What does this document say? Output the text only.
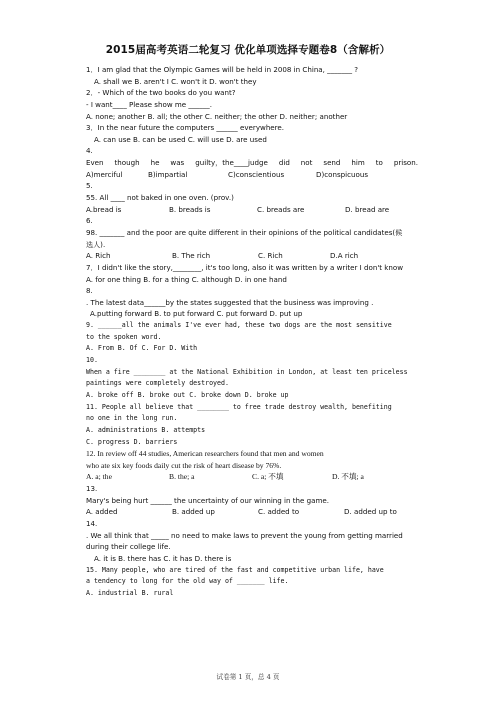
2015届高考英语二轮复习 优化单项选择专题卷8（含解析）
1．I am glad that the Olympic Games will be held in 2008 in China, _______ ?
A. shall we B. aren't I C. won't it D. won't they
2．- Which of the two books do you want?
- I want____ Please show me ______.
A. none; another B. all; the other C. neither; the other D. neither; another
3．In the near future the computers ______ everywhere.
A. can use B. can be used C. will use D. are used
4.
Even though he was guilty，the____judge did not send him to prison.
A)merciful	B)impartial	C)conscientious	D)conspicuous
5.
55. All ____ not baked in one oven. (prov.)
A.bread is	B. breads is	C. breads are	D. bread are
6.
98. _______ and the poor are quite different in their opinions of the political candidates(候
选人).
A. Rich	B. The rich	C. Rich	D.A rich
7．I didn't like the story,________, it's too long, also it was written by a writer I don't know
A. for one thing B. for a thing C. although D. in one hand
8.
. The latest data______by the states suggested that the business was improving .
A.putting forward B. to put forward C. put forward D. put up
9. ______all the animals I've ever had, these two dogs are the most sensitive
to the spoken word.
A. From B. Of C. For D. With
10.
When a fire ________ at the National Exhibition in London, at least ten priceless
paintings were completely destroyed.
A. broke off B. broke out C. broke down D. broke up
11. People all believe that ________ to free trade destroy wealth, benefiting
no one in the long run.
A. administrations B. attempts
C. progress D. barriers
12. In review off 44 studies, American researchers found that men and women
who ate six key foods daily cut the risk of heart disease by 76%.
A. a; the	B. the; a	C. a; 不填	D. 不填; a
13.
Mary's being hurt ______ the uncertainty of our winning in the game.
A. added	B. added up	C. added to	D. added up to
14.
. We all think that _____ no need to make laws to prevent the young from getting married
during their college life.
A. it is B. there has C. it has D. there is
15. Many people, who are tired of the fast and competitive urban life, have
a tendency to long for the old way of _______ life.
A. industrial B. rural
试卷第 1 页，总 4 页
